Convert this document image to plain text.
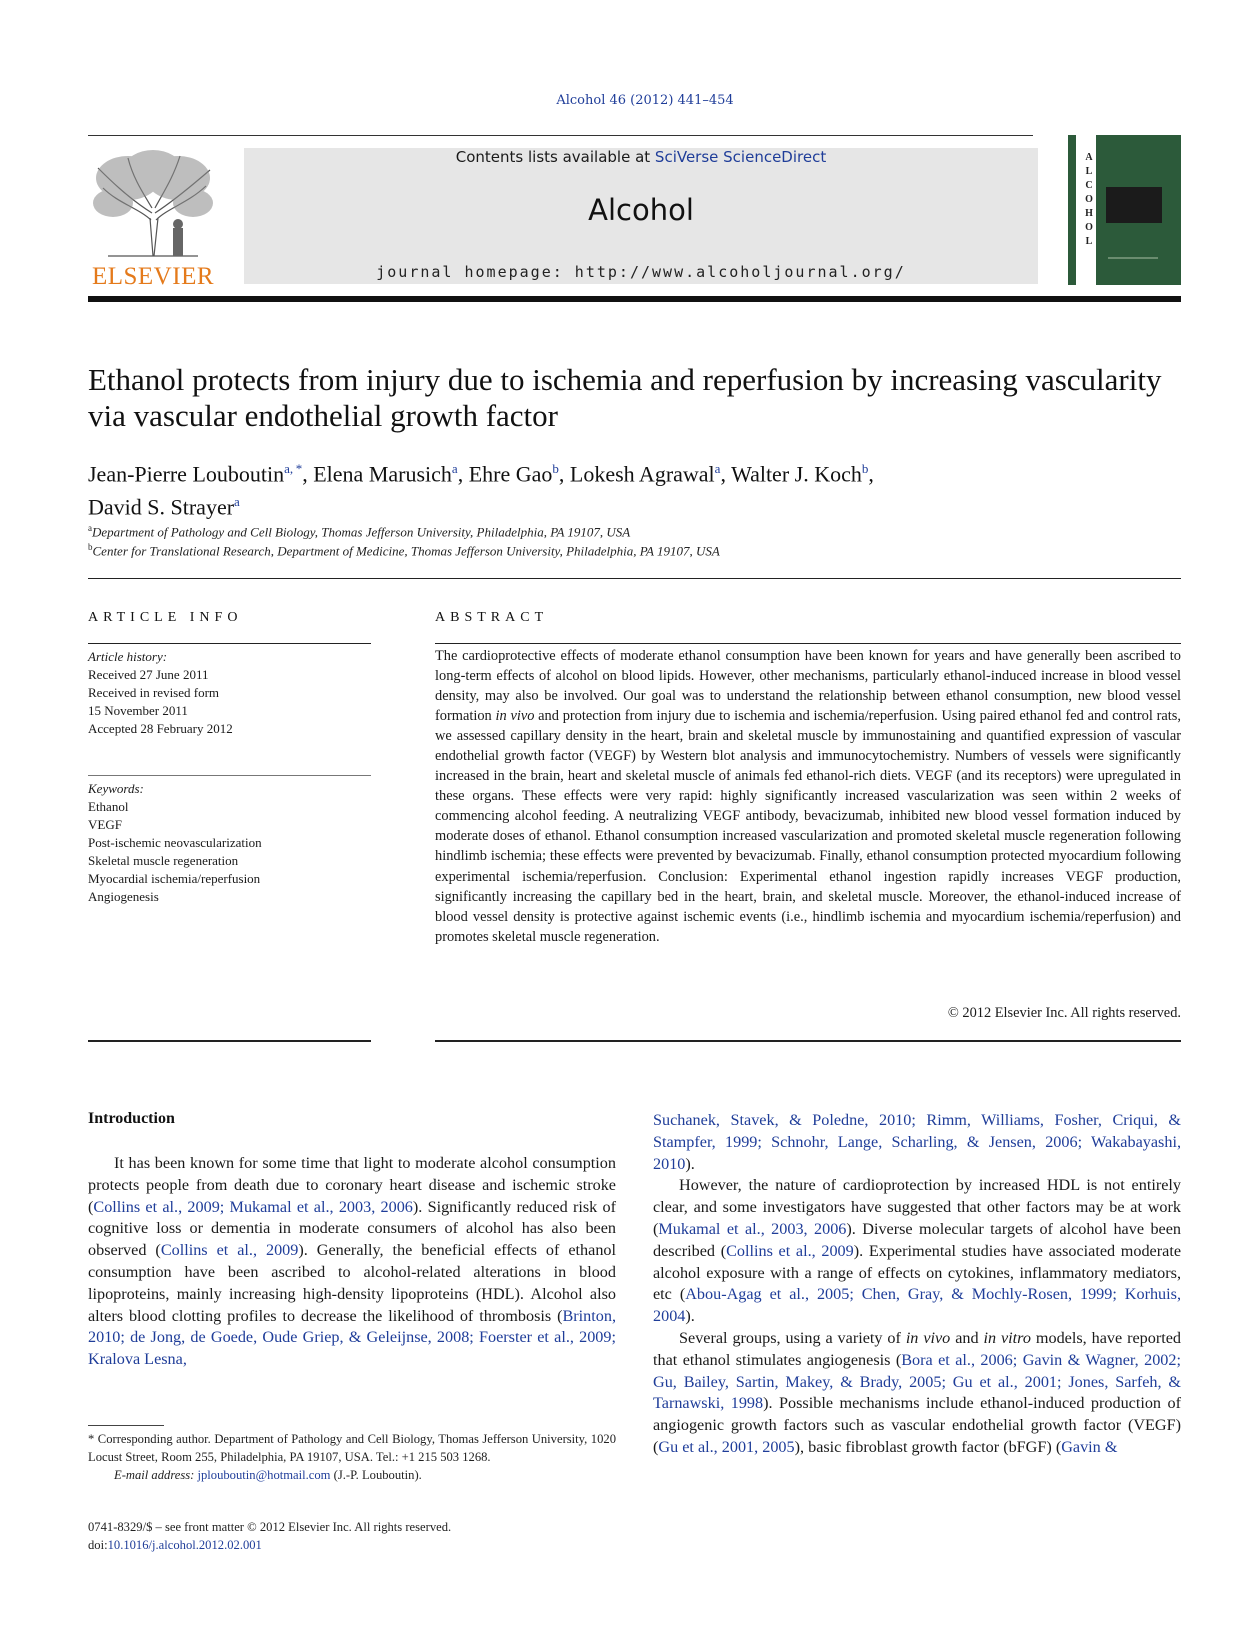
Alcohol 46 (2012) 441–454
ELSEVIER
Contents lists available at SciVerse ScienceDirect
Alcohol
journal homepage: http://www.alcoholjournal.org/
A
L
C
O
H
O
L
Ethanol protects from injury due to ischemia and reperfusion by increasing vascularity via vascular endothelial growth factor
Jean-Pierre Louboutin$^{a, *}$, Elena Marusich$^a$, Ehre Gao$^b$, Lokesh Agrawal$^a$, Walter J. Koch$^b$,
David S. Strayer$^a$
$^a$Department of Pathology and Cell Biology, Thomas Jefferson University, Philadelphia, PA 19107, USA
$^b$Center for Translational Research, Department of Medicine, Thomas Jefferson University, Philadelphia, PA 19107, USA
ARTICLE INFO
Article history:
Received 27 June 2011
Received in revised form
15 November 2011
Accepted 28 February 2012
Keywords:
Ethanol
VEGF
Post-ischemic neovascularization
Skeletal muscle regeneration
Myocardial ischemia/reperfusion
Angiogenesis
ABSTRACT
The cardioprotective effects of moderate ethanol consumption have been known for years and have generally been ascribed to long-term effects of alcohol on blood lipids. However, other mechanisms, particularly ethanol-induced increase in blood vessel density, may also be involved. Our goal was to understand the relationship between ethanol consumption, new blood vessel formation in vivo and protection from injury due to ischemia and ischemia/reperfusion. Using paired ethanol fed and control rats, we assessed capillary density in the heart, brain and skeletal muscle by immunostaining and quantified expression of vascular endothelial growth factor (VEGF) by Western blot analysis and immunocytochemistry. Numbers of vessels were significantly increased in the brain, heart and skeletal muscle of animals fed ethanol-rich diets. VEGF (and its receptors) were upregulated in these organs. These effects were very rapid: highly significantly increased vascularization was seen within 2 weeks of commencing alcohol feeding. A neutralizing VEGF antibody, bevacizumab, inhibited new blood vessel formation induced by moderate doses of ethanol. Ethanol consumption increased vascularization and promoted skeletal muscle regeneration following hindlimb ischemia; these effects were prevented by bevacizumab. Finally, ethanol consumption protected myocardium following experimental ischemia/reperfusion. Conclusion: Experimental ethanol ingestion rapidly increases VEGF production, significantly increasing the capillary bed in the heart, brain, and skeletal muscle. Moreover, the ethanol-induced increase of blood vessel density is protective against ischemic events (i.e., hindlimb ischemia and myocardium ischemia/reperfusion) and promotes skeletal muscle regeneration.
© 2012 Elsevier Inc. All rights reserved.
Introduction

It has been known for some time that light to moderate alcohol consumption protects people from death due to coronary heart disease and ischemic stroke (Collins et al., 2009; Mukamal et al., 2003, 2006). Significantly reduced risk of cognitive loss or dementia in moderate consumers of alcohol has also been observed (Collins et al., 2009). Generally, the beneficial effects of ethanol consumption have been ascribed to alcohol-related alterations in blood lipoproteins, mainly increasing high-density lipoproteins (HDL). Alcohol also alters blood clotting profiles to decrease the likelihood of thrombosis (Brinton, 2010; de Jong, de Goede, Oude Griep, & Geleijnse, 2008; Foerster et al., 2009; Kralova Lesna,

Suchanek, Stavek, & Poledne, 2010; Rimm, Williams, Fosher, Criqui, & Stampfer, 1999; Schnohr, Lange, Scharling, & Jensen, 2006; Wakabayashi, 2010).

However, the nature of cardioprotection by increased HDL is not entirely clear, and some investigators have suggested that other factors may be at work (Mukamal et al., 2003, 2006). Diverse molecular targets of alcohol have been described (Collins et al., 2009). Experimental studies have associated moderate alcohol exposure with a range of effects on cytokines, inflammatory mediators, etc (Abou-Agag et al., 2005; Chen, Gray, & Mochly-Rosen, 1999; Korhuis, 2004).

Several groups, using a variety of in vivo and in vitro models, have reported that ethanol stimulates angiogenesis (Bora et al., 2006; Gavin & Wagner, 2002; Gu, Bailey, Sartin, Makey, & Brady, 2005; Gu et al., 2001; Jones, Sarfeh, & Tarnawski, 1998). Possible mechanisms include ethanol-induced production of angiogenic growth factors such as vascular endothelial growth factor (VEGF) (Gu et al., 2001, 2005), basic fibroblast growth factor (bFGF) (Gavin &

* Corresponding author. Department of Pathology and Cell Biology, Thomas Jefferson University, 1020 Locust Street, Room 255, Philadelphia, PA 19107, USA. Tel.: +1 215 503 1268.
E-mail address: jplouboutin@hotmail.com (J.-P. Louboutin).
0741-8329/$ – see front matter © 2012 Elsevier Inc. All rights reserved.
doi:10.1016/j.alcohol.2012.02.001
